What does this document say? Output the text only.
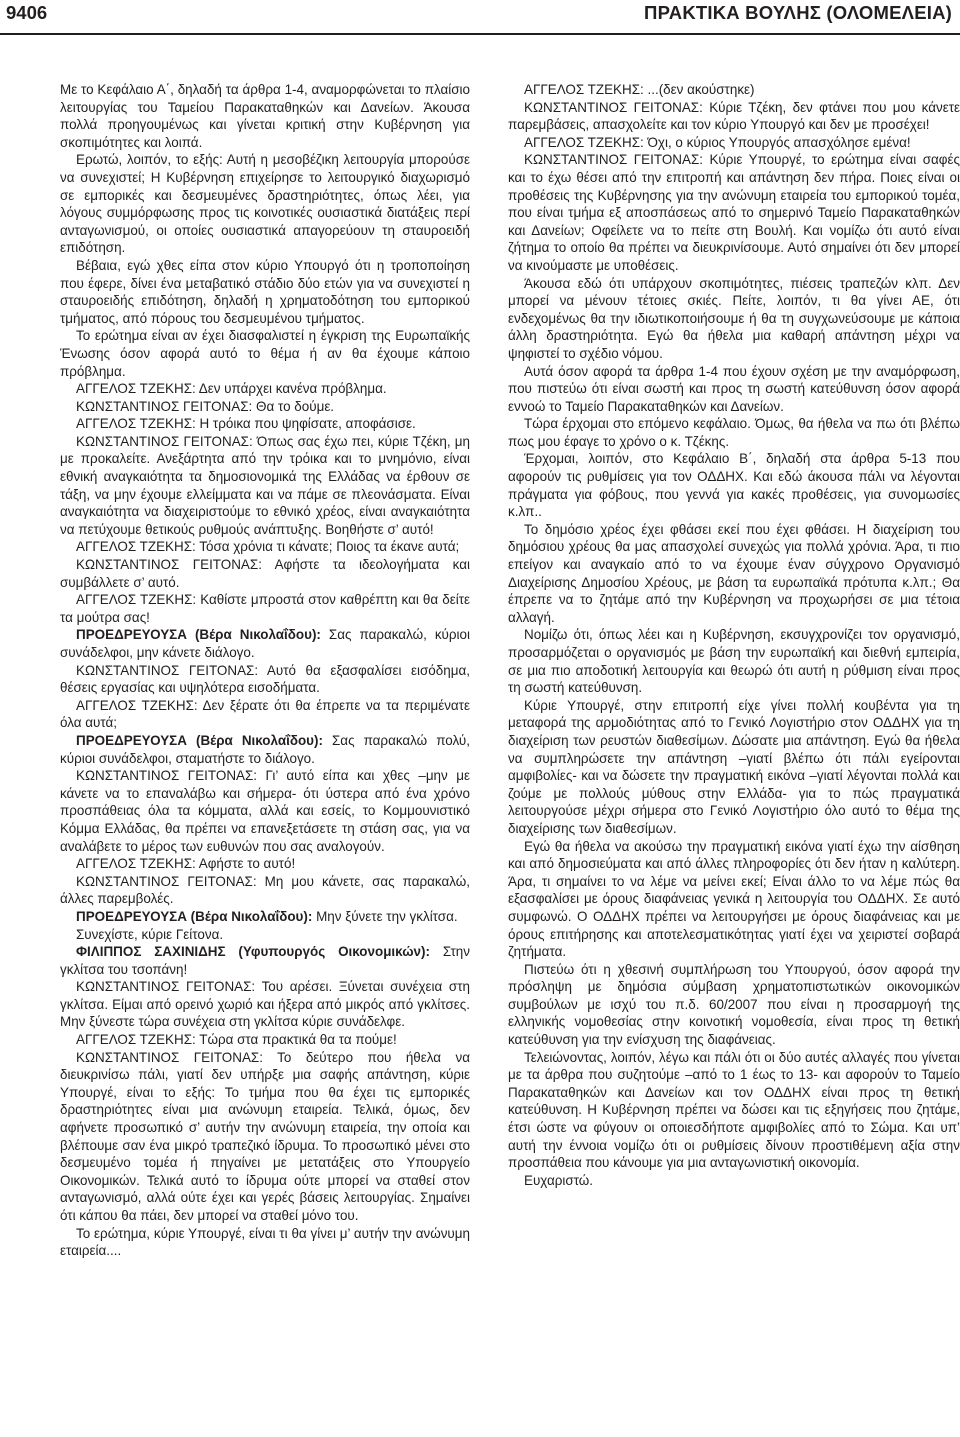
9406	ΠΡΑΚΤΙΚΑ ΒΟΥΛΗΣ (ΟΛΟΜΕΛΕΙΑ)

Με το Κεφάλαιο Α΄, δηλαδή τα άρθρα 1-4, αναμορφώνεται το πλαίσιο λειτουργίας του Ταμείου Παρακαταθηκών και Δανείων. Άκουσα πολλά προηγουμένως και γίνεται κριτική στην Κυβέρνηση για σκοπιμότητες και λοιπά.

Ερωτώ, λοιπόν, το εξής: Αυτή η μεσοβέζικη λειτουργία μπορούσε να συνεχιστεί; Η Κυβέρνηση επιχείρησε το λειτουργικό διαχωρισμό σε εμπορικές και δεσμευμένες δραστηριότητες, όπως λέει, για λόγους συμμόρφωσης προς τις κοινοτικές ουσιαστικά διατάξεις περί ανταγωνισμού, οι οποίες ουσιαστικά απαγορεύουν τη σταυροειδή επιδότηση.

Βέβαια, εγώ χθες είπα στον κύριο Υπουργό ότι η τροποποίηση που έφερε, δίνει ένα μεταβατικό στάδιο δύο ετών για να συνεχιστεί η σταυροειδής επιδότηση, δηλαδή η χρηματοδότηση του εμπορικού τμήματος, από πόρους του δεσμευμένου τμήματος.

Το ερώτημα είναι αν έχει διασφαλιστεί η έγκριση της Ευρωπαϊκής Ένωσης όσον αφορά αυτό το θέμα ή αν θα έχουμε κάποιο πρόβλημα.

ΑΓΓΕΛΟΣ ΤΖΕΚΗΣ: Δεν υπάρχει κανένα πρόβλημα.

ΚΩΝΣΤΑΝΤΙΝΟΣ ΓΕΙΤΟΝΑΣ: Θα το δούμε.

ΑΓΓΕΛΟΣ ΤΖΕΚΗΣ: Η τρόικα που ψηφίσατε, αποφάσισε.

ΚΩΝΣΤΑΝΤΙΝΟΣ ΓΕΙΤΟΝΑΣ: Όπως σας έχω πει, κύριε Τζέκη, μη με προκαλείτε. Ανεξάρτητα από την τρόικα και το μνημόνιο, είναι εθνική αναγκαιότητα τα δημοσιονομικά της Ελλάδας να έρθουν σε τάξη, να μην έχουμε ελλείμματα και να πάμε σε πλεονάσματα. Είναι αναγκαιότητα να διαχειριστούμε το εθνικό χρέος, είναι αναγκαιότητα να πετύχουμε θετικούς ρυθμούς ανάπτυξης. Βοηθήστε σ’ αυτό!

ΑΓΓΕΛΟΣ ΤΖΕΚΗΣ: Τόσα χρόνια τι κάνατε; Ποιος τα έκανε αυτά;

ΚΩΝΣΤΑΝΤΙΝΟΣ ΓΕΙΤΟΝΑΣ: Αφήστε τα ιδεολογήματα και συμβάλλετε σ’ αυτό.

ΑΓΓΕΛΟΣ ΤΖΕΚΗΣ: Καθίστε μπροστά στον καθρέπτη και θα δείτε τα μούτρα σας!

ΠΡΟΕΔΡΕΥΟΥΣΑ (Βέρα Νικολαΐδου): Σας παρακαλώ, κύριοι συνάδελφοι, μην κάνετε διάλογο.

ΚΩΝΣΤΑΝΤΙΝΟΣ ΓΕΙΤΟΝΑΣ: Αυτό θα εξασφαλίσει εισόδημα, θέσεις εργασίας και υψηλότερα εισοδήματα.

ΑΓΓΕΛΟΣ ΤΖΕΚΗΣ: Δεν ξέρατε ότι θα έπρεπε να τα περιμένατε όλα αυτά;

ΠΡΟΕΔΡΕΥΟΥΣΑ (Βέρα Νικολαΐδου): Σας παρακαλώ πολύ, κύριοι συνάδελφοι, σταματήστε το διάλογο.

ΚΩΝΣΤΑΝΤΙΝΟΣ ΓΕΙΤΟΝΑΣ: Γι’ αυτό είπα και χθες –μην με κάνετε να το επαναλάβω και σήμερα- ότι ύστερα από ένα χρόνο προσπάθειας όλα τα κόμματα, αλλά και εσείς, το Κομμουνιστικό Κόμμα Ελλάδας, θα πρέπει να επανεξετάσετε τη στάση σας, για να αναλάβετε το μέρος των ευθυνών που σας αναλογούν.

ΑΓΓΕΛΟΣ ΤΖΕΚΗΣ: Αφήστε το αυτό!

ΚΩΝΣΤΑΝΤΙΝΟΣ ΓΕΙΤΟΝΑΣ: Μη μου κάνετε, σας παρακαλώ, άλλες παρεμβολές.

ΠΡΟΕΔΡΕΥΟΥΣΑ (Βέρα Νικολαΐδου): Μην ξύνετε την γκλίτσα.

Συνεχίστε, κύριε Γείτονα.

ΦΙΛΙΠΠΟΣ ΣΑΧΙΝΙΔΗΣ (Υφυπουργός Οικονομικών): Στην γκλίτσα του τσοπάνη!

ΚΩΝΣΤΑΝΤΙΝΟΣ ΓΕΙΤΟΝΑΣ: Του αρέσει. Ξύνεται συνέχεια στη γκλίτσα. Είμαι από ορεινό χωριό και ήξερα από μικρός από γκλίτσες. Μην ξύνεστε τώρα συνέχεια στη γκλίτσα κύριε συνάδελφε.

ΑΓΓΕΛΟΣ ΤΖΕΚΗΣ: Τώρα στα πρακτικά θα τα πούμε!

ΚΩΝΣΤΑΝΤΙΝΟΣ ΓΕΙΤΟΝΑΣ: Το δεύτερο που ήθελα να διευκρινίσω πάλι, γιατί δεν υπήρξε μια σαφής απάντηση, κύριε Υπουργέ, είναι το εξής: Το τμήμα που θα έχει τις εμπορικές δραστηριότητες είναι μια ανώνυμη εταιρεία. Τελικά, όμως, δεν αφήνετε προσωπικό σ’ αυτήν την ανώνυμη εταιρεία, την οποία και βλέπουμε σαν ένα μικρό τραπεζικό ίδρυμα. Το προσωπικό μένει στο δεσμευμένο τομέα ή πηγαίνει με μετατάξεις στο Υπουργείο Οικονομικών. Τελικά αυτό το ίδρυμα ούτε μπορεί να σταθεί στον ανταγωνισμό, αλλά ούτε έχει και γερές βάσεις λειτουργίας. Σημαίνει ότι κάπου θα πάει, δεν μπορεί να σταθεί μόνο του.

Το ερώτημα, κύριε Υπουργέ, είναι τι θα γίνει μ’ αυτήν την ανώνυμη εταιρεία....

ΑΓΓΕΛΟΣ ΤΖΕΚΗΣ: ...(δεν ακούστηκε)

ΚΩΝΣΤΑΝΤΙΝΟΣ ΓΕΙΤΟΝΑΣ: Κύριε Τζέκη, δεν φτάνει που μου κάνετε παρεμβάσεις, απασχολείτε και τον κύριο Υπουργό και δεν με προσέχει!

ΑΓΓΕΛΟΣ ΤΖΕΚΗΣ: Όχι, ο κύριος Υπουργός απασχόλησε εμένα!

ΚΩΝΣΤΑΝΤΙΝΟΣ ΓΕΙΤΟΝΑΣ: Κύριε Υπουργέ, το ερώτημα είναι σαφές και το έχω θέσει από την επιτροπή και απάντηση δεν πήρα. Ποιες είναι οι προθέσεις της Κυβέρνησης για την ανώνυμη εταιρεία του εμπορικού τομέα, που είναι τμήμα εξ αποσπάσεως από το σημερινό Ταμείο Παρακαταθηκών και Δανείων; Οφείλετε να το πείτε στη Βουλή. Και νομίζω ότι αυτό είναι ζήτημα το οποίο θα πρέπει να διευκρινίσουμε. Αυτό σημαίνει ότι δεν μπορεί να κινούμαστε με υποθέσεις.

Άκουσα εδώ ότι υπάρχουν σκοπιμότητες, πιέσεις τραπεζών κλπ. Δεν μπορεί να μένουν τέτοιες σκιές. Πείτε, λοιπόν, τι θα γίνει ΑΕ, ότι ενδεχομένως θα την ιδιωτικοποιήσουμε ή θα τη συγχωνεύσουμε με κάποια άλλη δραστηριότητα. Εγώ θα ήθελα μια καθαρή απάντηση μέχρι να ψηφιστεί το σχέδιο νόμου.

Αυτά όσον αφορά τα άρθρα 1-4 που έχουν σχέση με την αναμόρφωση, που πιστεύω ότι είναι σωστή και προς τη σωστή κατεύθυνση όσον αφορά εννοώ το Ταμείο Παρακαταθηκών και Δανείων.

Τώρα έρχομαι στο επόμενο κεφάλαιο. Όμως, θα ήθελα να πω ότι βλέπω πως μου έφαγε το χρόνο ο κ. Τζέκης.

Έρχομαι, λοιπόν, στο Κεφάλαιο Β΄, δηλαδή στα άρθρα 5-13 που αφορούν τις ρυθμίσεις για τον ΟΔΔΗΧ. Και εδώ άκουσα πάλι να λέγονται πράγματα για φόβους, που γεννά για κακές προθέσεις, για συνομωσίες κ.λπ..

Το δημόσιο χρέος έχει φθάσει εκεί που έχει φθάσει. Η διαχείριση του δημόσιου χρέους θα μας απασχολεί συνεχώς για πολλά χρόνια. Άρα, τι πιο επείγον και αναγκαίο από το να έχουμε έναν σύγχρονο Οργανισμό Διαχείρισης Δημοσίου Χρέους, με βάση τα ευρωπαϊκά πρότυπα κ.λπ.; Θα έπρεπε να το ζητάμε από την Κυβέρνηση να προχωρήσει σε μια τέτοια αλλαγή.

Νομίζω ότι, όπως λέει και η Κυβέρνηση, εκσυγχρονίζει τον οργανισμό, προσαρμόζεται ο οργανισμός με βάση την ευρωπαϊκή και διεθνή εμπειρία, σε μια πιο αποδοτική λειτουργία και θεωρώ ότι αυτή η ρύθμιση είναι προς τη σωστή κατεύθυνση.

Κύριε Υπουργέ, στην επιτροπή είχε γίνει πολλή κουβέντα για τη μεταφορά της αρμοδιότητας από το Γενικό Λογιστήριο στον ΟΔΔΗΧ για τη διαχείριση των ρευστών διαθεσίμων. Δώσατε μια απάντηση. Εγώ θα ήθελα να συμπληρώσετε την απάντηση –γιατί βλέπω ότι πάλι εγείρονται αμφιβολίες- και να δώσετε την πραγματική εικόνα –γιατί λέγονται πολλά και ζούμε με πολλούς μύθους στην Ελλάδα- για το πώς πραγματικά λειτουργούσε μέχρι σήμερα στο Γενικό Λογιστήριο όλο αυτό το θέμα της διαχείρισης των διαθεσίμων.

Εγώ θα ήθελα να ακούσω την πραγματική εικόνα γιατί έχω την αίσθηση και από δημοσιεύματα και από άλλες πληροφορίες ότι δεν ήταν η καλύτερη. Άρα, τι σημαίνει το να λέμε να μείνει εκεί; Είναι άλλο το να λέμε πώς θα εξασφαλίσει με όρους διαφάνειας γενικά η λειτουργία του ΟΔΔΗΧ. Σε αυτό συμφωνώ. Ο ΟΔΔΗΧ πρέπει να λειτουργήσει με όρους διαφάνειας και με όρους επιτήρησης και αποτελεσματικότητας γιατί έχει να χειριστεί σοβαρά ζητήματα.

Πιστεύω ότι η χθεσινή συμπλήρωση του Υπουργού, όσον αφορά την πρόσληψη με δημόσια σύμβαση χρηματοπιστωτικών οικονομικών συμβούλων με ισχύ του π.δ. 60/2007 που είναι η προσαρμογή της ελληνικής νομοθεσίας στην κοινοτική νομοθεσία, είναι προς τη θετική κατεύθυνση για την ενίσχυση της διαφάνειας.

Τελειώνοντας, λοιπόν, λέγω και πάλι ότι οι δύο αυτές αλλαγές που γίνεται με τα άρθρα που συζητούμε –από το 1 έως το 13- και αφορούν το Ταμείο Παρακαταθηκών και Δανείων και τον ΟΔΔΗΧ είναι προς τη θετική κατεύθυνση. Η Κυβέρνηση πρέπει να δώσει και τις εξηγήσεις που ζητάμε, έτσι ώστε να φύγουν οι οποιεσδήποτε αμφιβολίες από το Σώμα. Και υπ’ αυτή την έννοια νομίζω ότι οι ρυθμίσεις δίνουν προστιθέμενη αξία στην προσπάθεια που κάνουμε για μια ανταγωνιστική οικονομία.

Ευχαριστώ.
